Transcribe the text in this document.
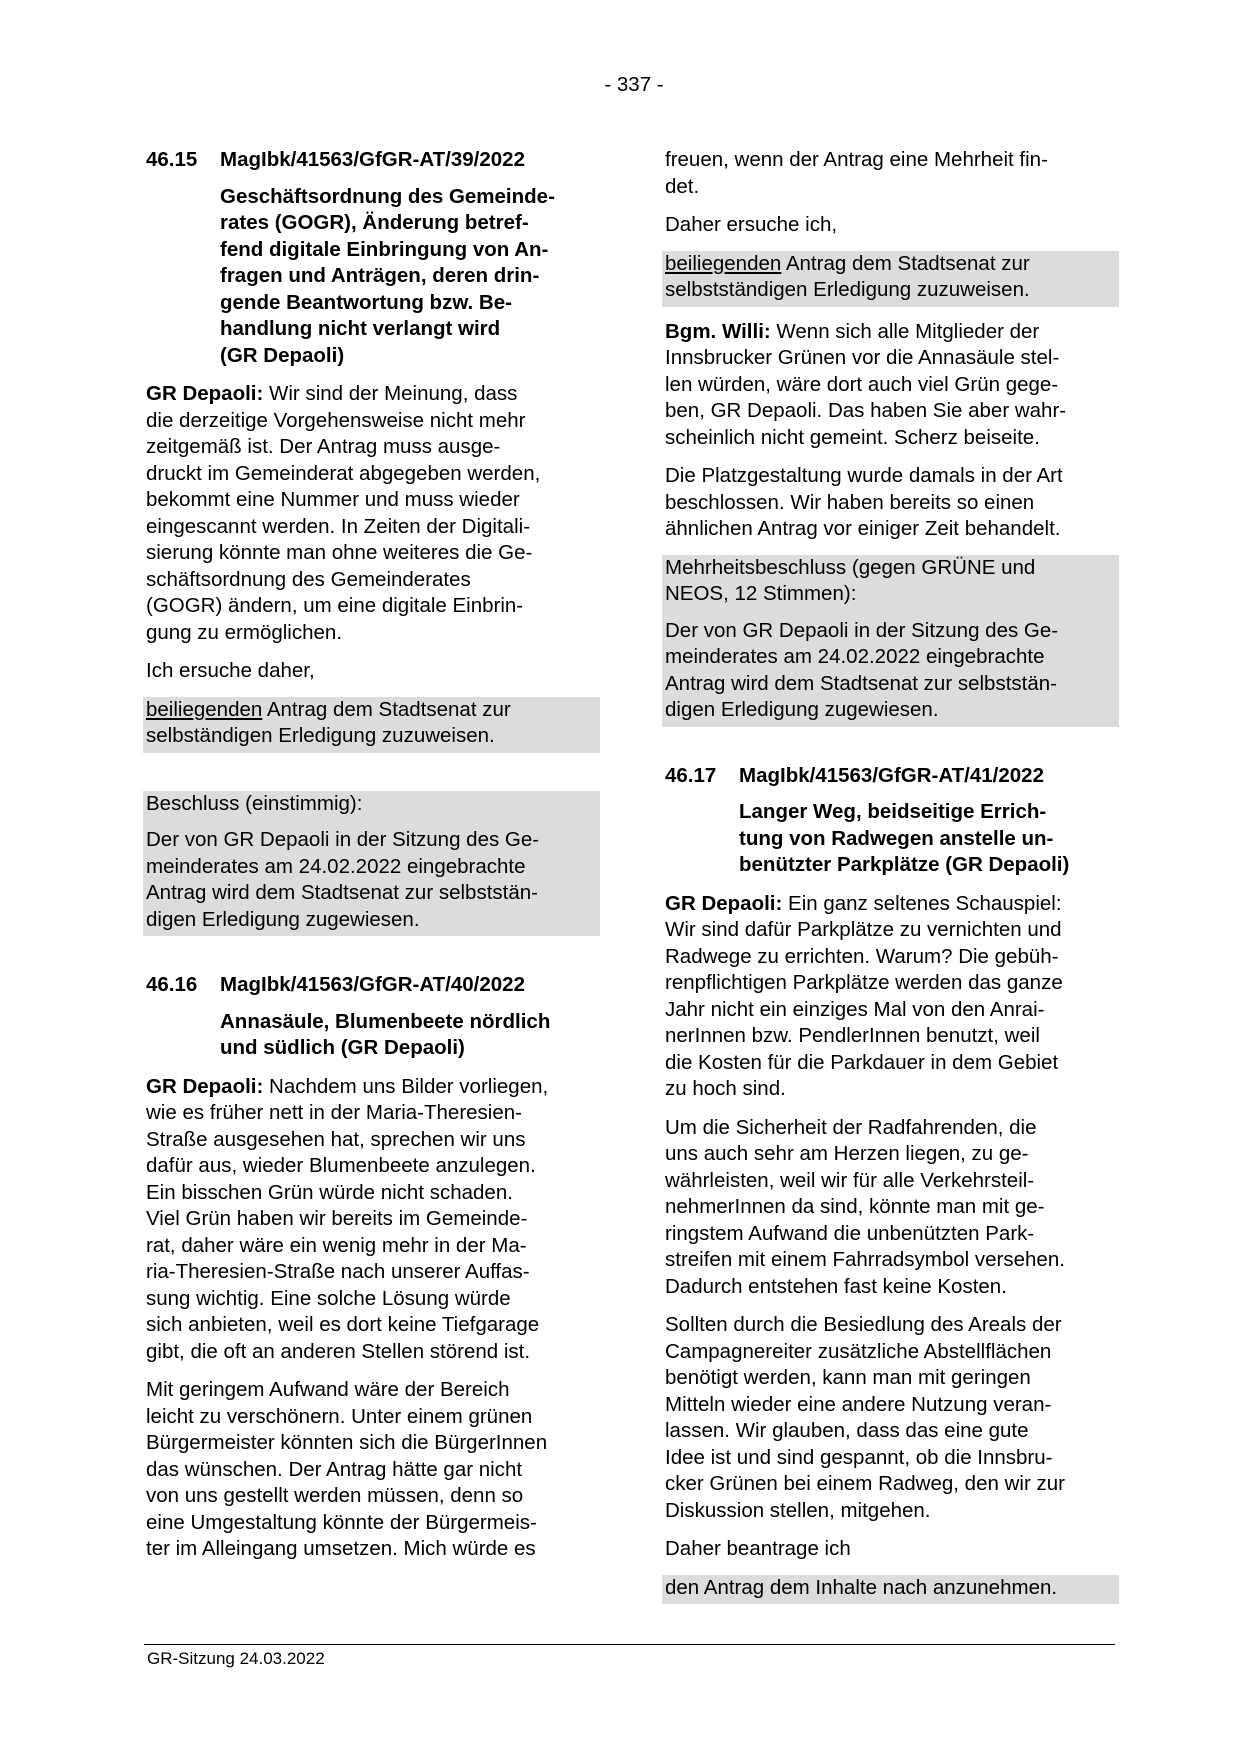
- 337 -
46.15	MagIbk/41563/GfGR-AT/39/2022
Geschäftsordnung des Gemeinde-
rates (GOGR), Änderung betref-
fend digitale Einbringung von An-
fragen und Anträgen, deren drin-
gende Beantwortung bzw. Be-
handlung nicht verlangt wird
(GR Depaoli)

GR Depaoli: Wir sind der Meinung, dass
die derzeitige Vorgehensweise nicht mehr
zeitgemäß ist. Der Antrag muss ausge-
druckt im Gemeinderat abgegeben werden,
bekommt eine Nummer und muss wieder
eingescannt werden. In Zeiten der Digitali-
sierung könnte man ohne weiteres die Ge-
schäftsordnung des Gemeinderates
(GOGR) ändern, um eine digitale Einbrin-
gung zu ermöglichen.

Ich ersuche daher,

beiliegenden Antrag dem Stadtsenat zur
selbständigen Erledigung zuzuweisen.
Beschluss (einstimmig):
Der von GR Depaoli in der Sitzung des Ge-
meinderates am 24.02.2022 eingebrachte
Antrag wird dem Stadtsenat zur selbststän-
digen Erledigung zugewiesen.
46.16	MagIbk/41563/GfGR-AT/40/2022
Annasäule, Blumenbeete nördlich
und südlich (GR Depaoli)

GR Depaoli: Nachdem uns Bilder vorliegen,
wie es früher nett in der Maria-Theresien-
Straße ausgesehen hat, sprechen wir uns
dafür aus, wieder Blumenbeete anzulegen.
Ein bisschen Grün würde nicht schaden.
Viel Grün haben wir bereits im Gemeinde-
rat, daher wäre ein wenig mehr in der Ma-
ria-Theresien-Straße nach unserer Auffas-
sung wichtig. Eine solche Lösung würde
sich anbieten, weil es dort keine Tiefgarage
gibt, die oft an anderen Stellen störend ist.

Mit geringem Aufwand wäre der Bereich
leicht zu verschönern. Unter einem grünen
Bürgermeister könnten sich die BürgerInnen
das wünschen. Der Antrag hätte gar nicht
von uns gestellt werden müssen, denn so
eine Umgestaltung könnte der Bürgermeis-
ter im Alleingang umsetzen. Mich würde es

freuen, wenn der Antrag eine Mehrheit fin-
det.

Daher ersuche ich,

beiliegenden Antrag dem Stadtsenat zur
selbstständigen Erledigung zuzuweisen.

Bgm. Willi: Wenn sich alle Mitglieder der
Innsbrucker Grünen vor die Annasäule stel-
len würden, wäre dort auch viel Grün gege-
ben, GR Depaoli. Das haben Sie aber wahr-
scheinlich nicht gemeint. Scherz beiseite.

Die Platzgestaltung wurde damals in der Art
beschlossen. Wir haben bereits so einen
ähnlichen Antrag vor einiger Zeit behandelt.

Mehrheitsbeschluss (gegen GRÜNE und
NEOS, 12 Stimmen):
Der von GR Depaoli in der Sitzung des Ge-
meinderates am 24.02.2022 eingebrachte
Antrag wird dem Stadtsenat zur selbststän-
digen Erledigung zugewiesen.
46.17	MagIbk/41563/GfGR-AT/41/2022
Langer Weg, beidseitige Errich-
tung von Radwegen anstelle un-
benützter Parkplätze (GR Depaoli)

GR Depaoli: Ein ganz seltenes Schauspiel:
Wir sind dafür Parkplätze zu vernichten und
Radwege zu errichten. Warum? Die gebüh-
renpflichtigen Parkplätze werden das ganze
Jahr nicht ein einziges Mal von den Anrai-
nerInnen bzw. PendlerInnen benutzt, weil
die Kosten für die Parkdauer in dem Gebiet
zu hoch sind.

Um die Sicherheit der Radfahrenden, die
uns auch sehr am Herzen liegen, zu ge-
währleisten, weil wir für alle Verkehrsteil-
nehmerInnen da sind, könnte man mit ge-
ringstem Aufwand die unbenützten Park-
streifen mit einem Fahrradsymbol versehen.
Dadurch entstehen fast keine Kosten.

Sollten durch die Besiedlung des Areals der
Campagnereiter zusätzliche Abstellflächen
benötigt werden, kann man mit geringen
Mitteln wieder eine andere Nutzung veran-
lassen. Wir glauben, dass das eine gute
Idee ist und sind gespannt, ob die Innsbru-
cker Grünen bei einem Radweg, den wir zur
Diskussion stellen, mitgehen.

Daher beantrage ich

den Antrag dem Inhalte nach anzunehmen.
GR-Sitzung 24.03.2022
